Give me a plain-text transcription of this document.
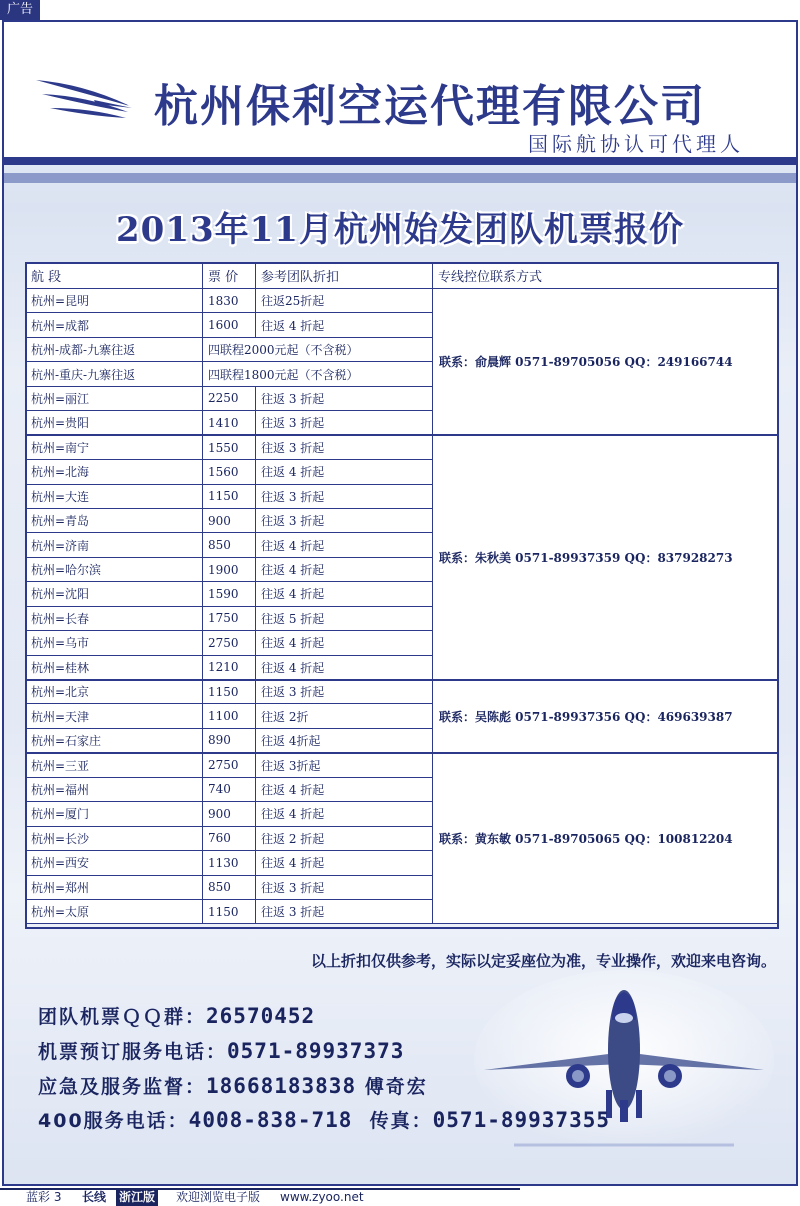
广告
杭州保利空运代理有限公司
国际航协认可代理人
2013年11月杭州始发团队机票报价
航 段	票 价	参考团队折扣	专线控位联系方式
杭州=昆明	1830	往返25折起	联系：俞晨辉 0571-89705056 QQ：249166744
杭州=成都	1600	往返 4 折起	
杭州-成都-九寨往返	四联程2000元起（不含税）		
杭州-重庆-九寨往返	四联程1800元起（不含税）		
杭州=丽江	2250	往返 3 折起	
杭州=贵阳	1410	往返 3 折起	
杭州=南宁	1550	往返 3 折起	联系：朱秋美 0571-89937359 QQ：837928273
杭州=北海	1560	往返 4 折起	
杭州=大连	1150	往返 3 折起	
杭州=青岛	900	往返 3 折起	
杭州=济南	850	往返 4 折起	
杭州=哈尔滨	1900	往返 4 折起	
杭州=沈阳	1590	往返 4 折起	
杭州=长春	1750	往返 5 折起	
杭州=乌市	2750	往返 4 折起	
杭州=桂林	1210	往返 4 折起	
杭州=北京	1150	往返 3 折起	联系：吴陈彪 0571-89937356 QQ：469639387
杭州=天津	1100	往返 2折	
杭州=石家庄	890	往返 4折起	
杭州=三亚	2750	往返 3折起	联系：黄东敏 0571-89705065 QQ：100812204
杭州=福州	740	往返 4 折起	
杭州=厦门	900	往返 4 折起	
杭州=长沙	760	往返 2 折起	
杭州=西安	1130	往返 4 折起	
杭州=郑州	850	往返 3 折起	
杭州=太原	1150	往返 3 折起	
以上折扣仅供参考，实际以定妥座位为准，专业操作，欢迎来电咨询。
团队机票ＱＱ群：26570452
机票预订服务电话：0571-89937373
应急及服务监督：18668183838 傅奇宏
400服务电话：4008-838-718 传真：0571-89937355
蓝彩 3 长线 浙江版 欢迎浏览电子版 www.zyoo.net
